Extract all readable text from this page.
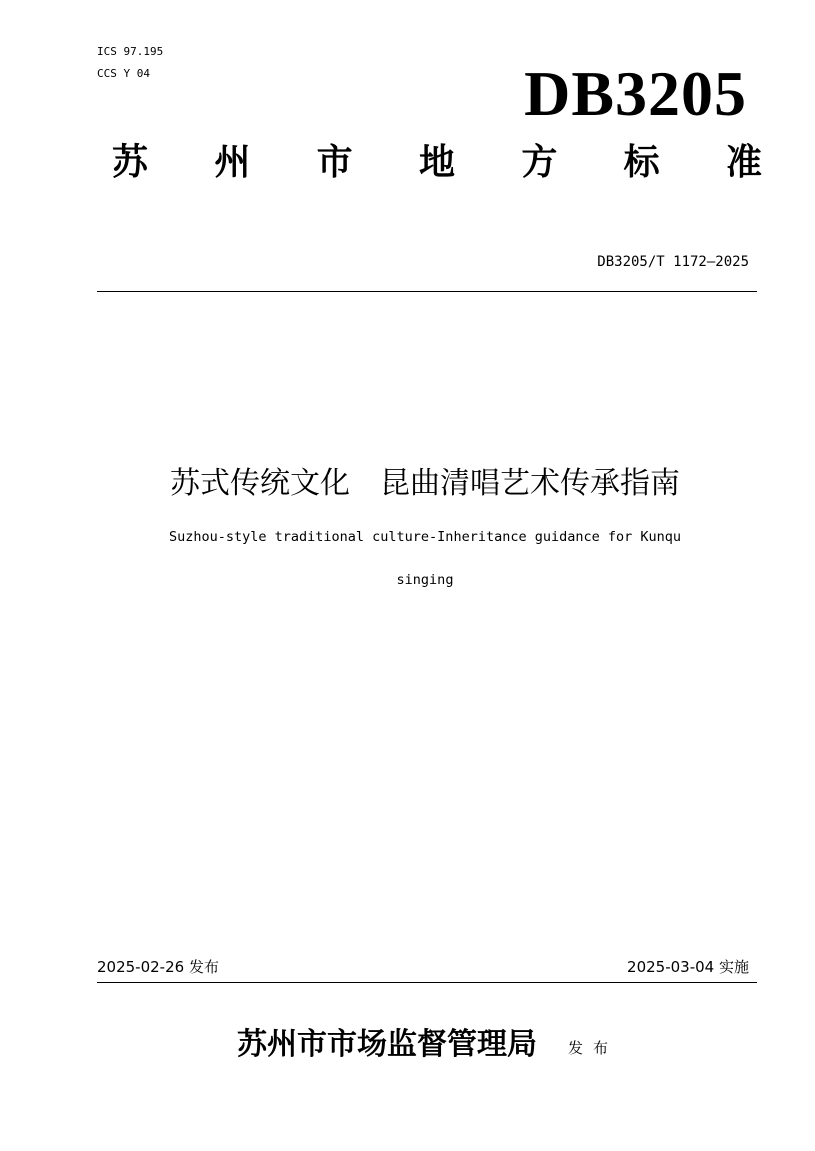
ICS 97.195
CCS Y 04	DB3205
苏 州 市 地 方 标 准
DB3205/T 1172—2025
苏式传统文化　昆曲清唱艺术传承指南
Suzhou-style traditional culture-Inheritance guidance for Kunqu
singing
2025-02-26 发布	2025-03-04 实施
苏州市市场监督管理局 发布
